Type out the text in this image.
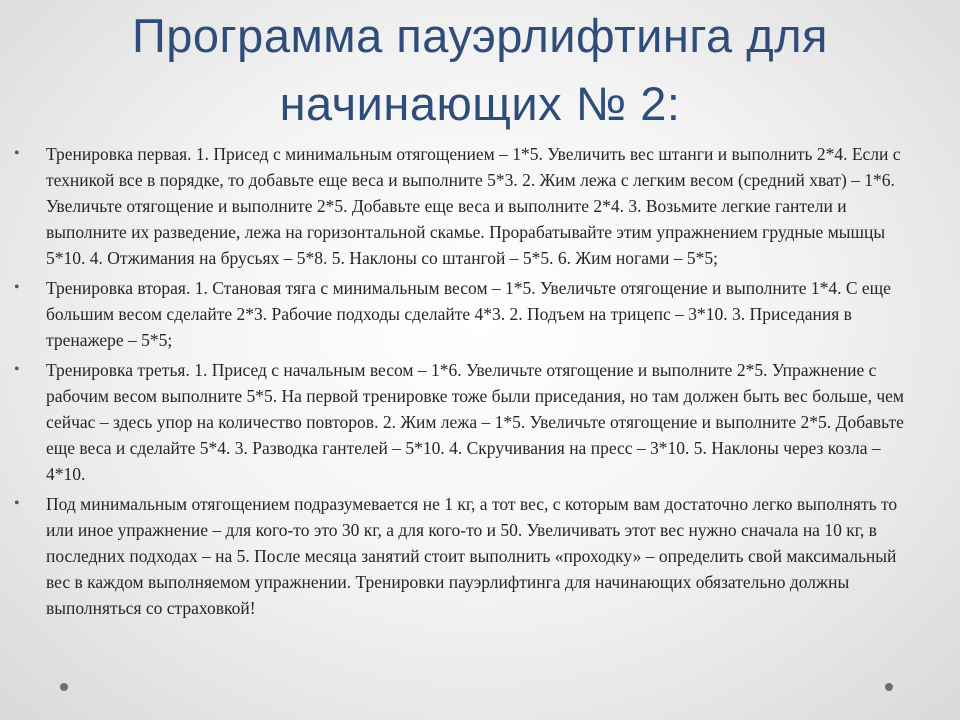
Программа пауэрлифтинга для
начинающих № 2:
•	Тренировка первая. 1. Присед с минимальным отягощением – 1*5. Увеличить вес штанги и выполнить 2*4. Если с техникой все в порядке, то добавьте еще веса и выполните 5*3. 2. Жим лежа с легким весом (средний хват) – 1*6. Увеличьте отягощение и выполните 2*5. Добавьте еще веса и выполните 2*4. 3. Возьмите легкие гантели и выполните их разведение, лежа на горизонтальной скамье. Прорабатывайте этим упражнением грудные мышцы 5*10. 4. Отжимания на брусьях – 5*8. 5. Наклоны со штангой – 5*5. 6. Жим ногами – 5*5;
•	Тренировка вторая. 1. Становая тяга с минимальным весом – 1*5. Увеличьте отягощение и выполните 1*4. С еще большим весом сделайте 2*3. Рабочие подходы сделайте 4*3. 2. Подъем на трицепс – 3*10. 3. Приседания в тренажере – 5*5;
•	Тренировка третья. 1. Присед с начальным весом – 1*6. Увеличьте отягощение и выполните 2*5. Упражнение с рабочим весом выполните 5*5. На первой тренировке тоже были приседания, но там должен быть вес больше, чем сейчас – здесь упор на количество повторов. 2. Жим лежа – 1*5. Увеличьте отягощение и выполните 2*5. Добавьте еще веса и сделайте 5*4. 3. Разводка гантелей – 5*10. 4. Скручивания на пресс – 3*10. 5. Наклоны через козла – 4*10.
•	Под минимальным отягощением подразумевается не 1 кг, а тот вес, с которым вам достаточно легко выполнять то или иное упражнение – для кого-то это 30 кг, а для кого-то и 50. Увеличивать этот вес нужно сначала на 10 кг, в последних подходах – на 5. После месяца занятий стоит выполнить «проходку» – определить свой максимальный вес в каждом выполняемом упражнении. Тренировки пауэрлифтинга для начинающих обязательно должны выполняться со страховкой!
